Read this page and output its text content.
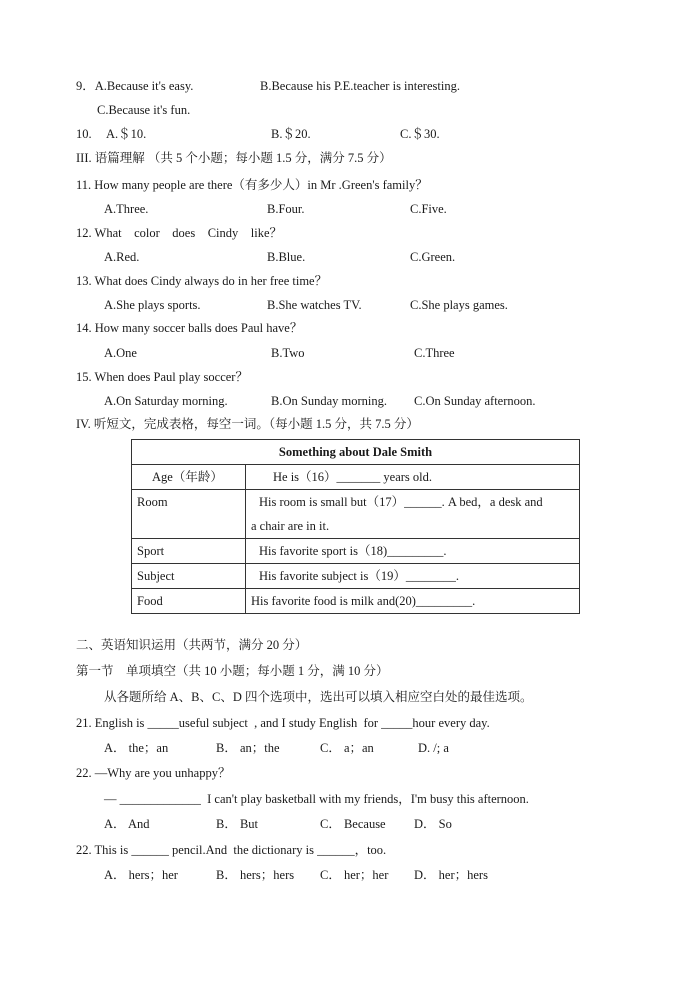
9．A.Because it's easy.	B.Because his P.E.teacher is interesting.
C.Because it's fun.
10. A.＄10.	B.＄20.	C.＄30.
III. 语篇理解 （共 5 个小题；每小题 1.5 分，满分 7.5 分）
11. How many people are there（有多少人）in Mr .Green's family？
A.Three.	B.Four.	C.Five.
12. What    color    does    Cindy    like？
A.Red.	B.Blue.	C.Green.
13. What does Cindy always do in her free time？
A.She plays sports.	B.She watches TV.	C.She plays games.
14. How many soccer balls does Paul have？
A.One	B.Two	C.Three
15. When does Paul play soccer？
A.On Saturday morning.	B.On Sunday morning. C.On Sunday afternoon.
IV. 听短文，完成表格，每空一词。（每小题 1.5 分，共 7.5 分）
Something about Dale Smith	
Age（年龄）	He is（16）_______ years old.
Room	His room is small but（17）______. A bed，a desk and
a chair are in it.

Sport	His favorite sport is（18)_________.
Subject	His favorite subject is（19）________.
Food	His favorite food is milk and(20)_________.
二、英语知识运用（共两节，满分 20 分）
第一节    单项填空（共 10 小题；每小题 1 分，满 10 分）
从各题所给 A、B、C、D 四个选项中，选出可以填入相应空白处的最佳选项。
21. English is _____useful subject  , and I study English  for _____hour every day.
A． the；an	B． an；the	C． a；an	D. /; a
22. —Why are you unhappy？
— _____________  I can't play basketball with my friends，I'm busy this afternoon.
A． And	B． But	C． Because D． So
22. This is ______ pencil.And  the dictionary is ______，too.
A． hers；her	B． hers；hers C． her；her D． her；hers
